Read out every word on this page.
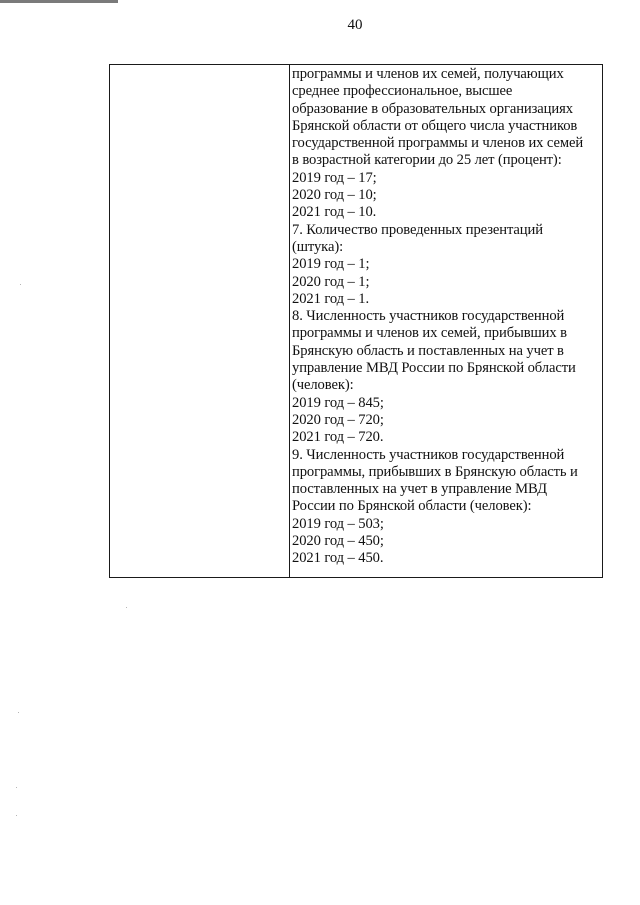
40
программы и членов их семей, получающих
среднее профессиональное, высшее
образование в образовательных организациях
Брянской области от общего числа участников
государственной программы и членов их семей
в возрастной категории до 25 лет (процент):
2019 год – 17;
2020 год – 10;
2021 год – 10.
7. Количество проведенных презентаций
(штука):
2019 год – 1;
2020 год – 1;
2021 год – 1.
8. Численность участников государственной
программы и членов их семей, прибывших в
Брянскую область и поставленных на учет в
управление МВД России по Брянской области
(человек):
2019 год – 845;
2020 год – 720;
2021 год – 720.
9. Численность участников государственной
программы, прибывших в Брянскую область и
поставленных на учет в управление МВД
России по Брянской области (человек):
2019 год – 503;
2020 год – 450;
2021 год – 450.
